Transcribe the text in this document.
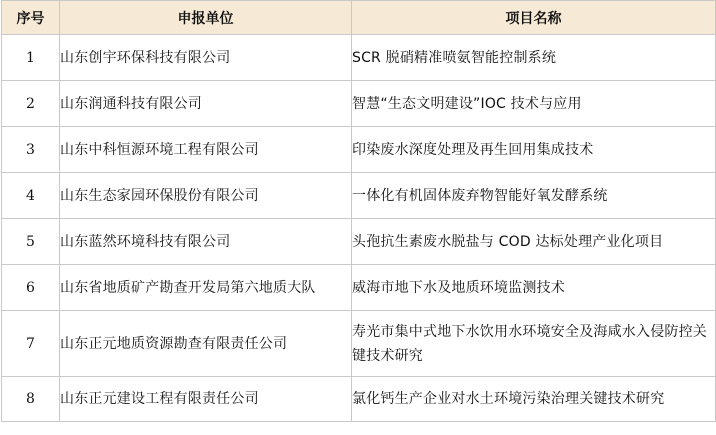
序号	申报单位	项目名称
1	山东创宇环保科技有限公司	SCR 脱硝精准喷氨智能控制系统
2	山东润通科技有限公司	智慧“生态文明建设”IOC 技术与应用
3	山东中科恒源环境工程有限公司	印染废水深度处理及再生回用集成技术
4	山东生态家园环保股份有限公司	一体化有机固体废弃物智能好氧发酵系统
5	山东蓝然环境科技有限公司	头孢抗生素废水脱盐与 COD 达标处理产业化项目
6	山东省地质矿产勘查开发局第六地质大队	威海市地下水及地质环境监测技术
7	山东正元地质资源勘查有限责任公司	寿光市集中式地下水饮用水环境安全及海咸水入侵防控关键技术研究
8	山东正元建设工程有限责任公司	氯化钙生产企业对水土环境污染治理关键技术研究
